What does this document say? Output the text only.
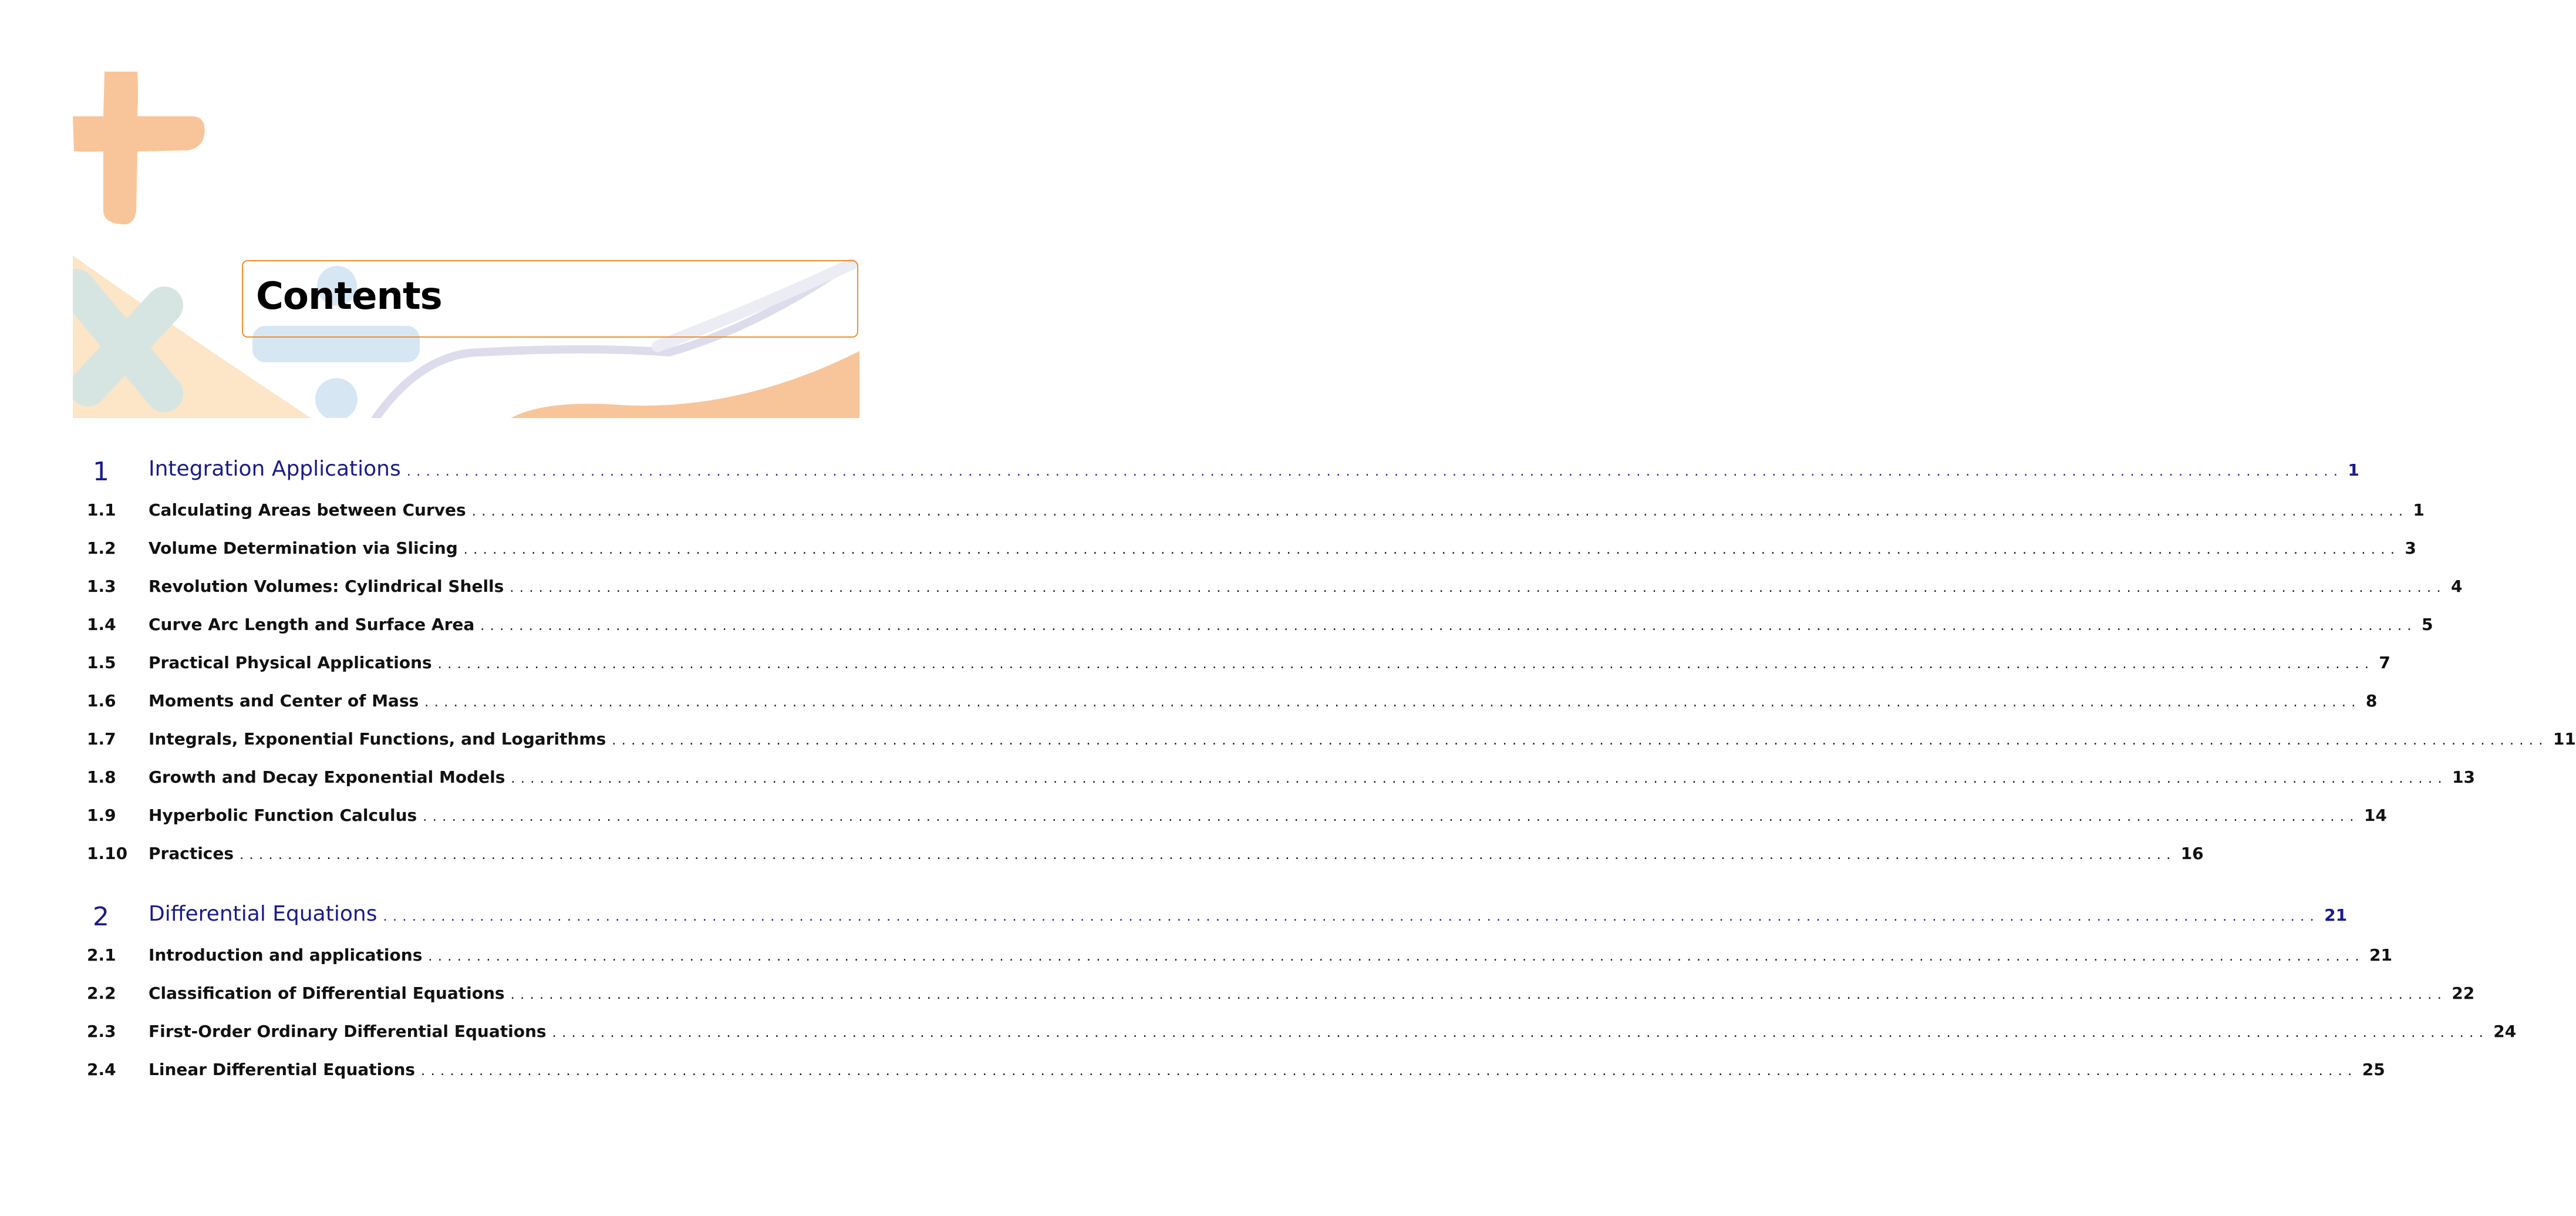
Contents
1 Integration Applications ........................................................................................................................................................................................................ 1
1.1 Calculating Areas between Curves ........................................................................................................................................................................................................ 1
1.2 Volume Determination via Slicing ........................................................................................................................................................................................................ 3
1.3 Revolution Volumes: Cylindrical Shells ........................................................................................................................................................................................................ 4
1.4 Curve Arc Length and Surface Area ........................................................................................................................................................................................................ 5
1.5 Practical Physical Applications ........................................................................................................................................................................................................ 7
1.6 Moments and Center of Mass ........................................................................................................................................................................................................ 8
1.7 Integrals, Exponential Functions, and Logarithms ........................................................................................................................................................................................................ 11
1.8 Growth and Decay Exponential Models ........................................................................................................................................................................................................ 13
1.9 Hyperbolic Function Calculus ........................................................................................................................................................................................................ 14
1.10 Practices ........................................................................................................................................................................................................ 16
2 Differential Equations ........................................................................................................................................................................................................ 21
2.1 Introduction and applications ........................................................................................................................................................................................................ 21
2.2 Classification of Differential Equations ........................................................................................................................................................................................................ 22
2.3 First-Order Ordinary Differential Equations ........................................................................................................................................................................................................ 24
2.4 Linear Differential Equations ........................................................................................................................................................................................................ 25
